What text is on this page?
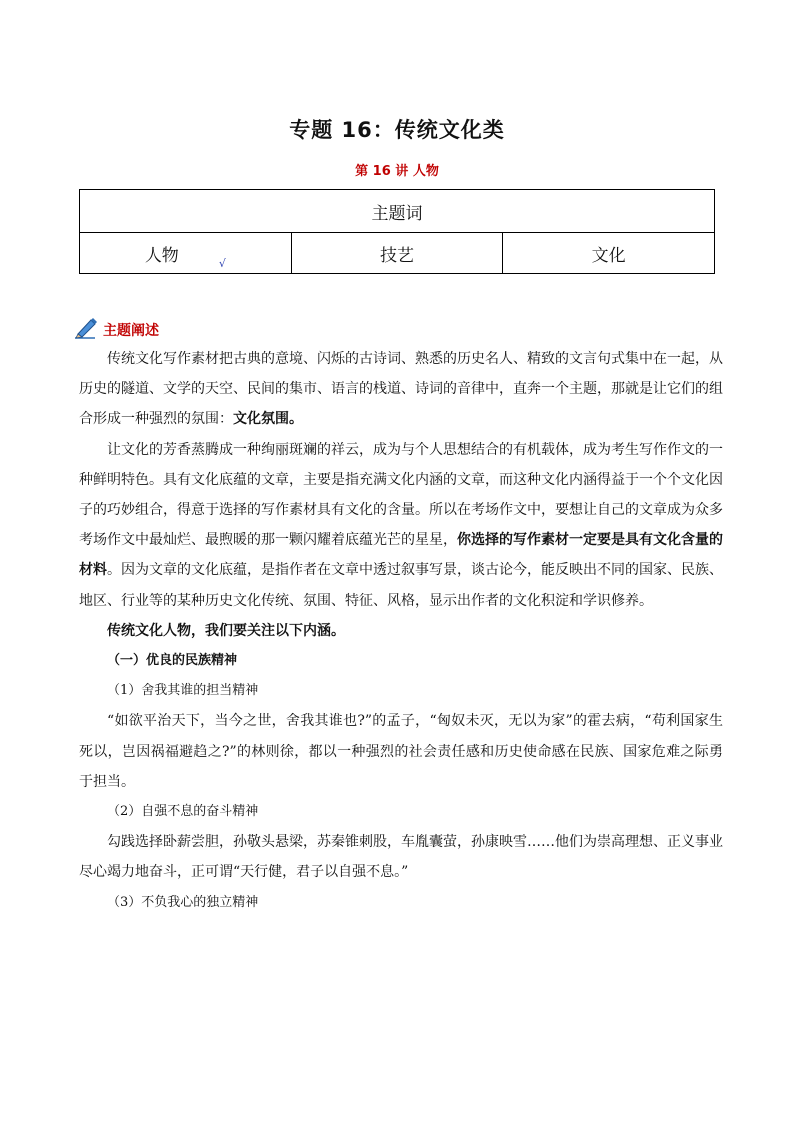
专题 16：传统文化类
第 16 讲 人物
主题词
人物	$_√$	技艺	文化
主题阐述

传统文化写作素材把古典的意境、闪烁的古诗词、熟悉的历史名人、精致的文言句式集中在一起，从历史的隧道、文学的天空、民间的集市、语言的栈道、诗词的音律中，直奔一个主题，那就是让它们的组合形成一种强烈的氛围：文化氛围。

让文化的芳香蒸腾成一种绚丽斑斓的祥云，成为与个人思想结合的有机载体，成为考生写作作文的一种鲜明特色。具有文化底蕴的文章，主要是指充满文化内涵的文章，而这种文化内涵得益于一个个文化因子的巧妙组合，得意于选择的写作素材具有文化的含量。所以在考场作文中，要想让自己的文章成为众多考场作文中最灿烂、最煦暖的那一颗闪耀着底蕴光芒的星星，你选择的写作素材一定要是具有文化含量的材料。因为文章的文化底蕴，是指作者在文章中透过叙事写景，谈古论今，能反映出不同的国家、民族、地区、行业等的某种历史文化传统、氛围、特征、风格，显示出作者的文化积淀和学识修养。

传统文化人物，我们要关注以下内涵。

（一）优良的民族精神

（1）舍我其谁的担当精神

“如欲平治天下，当今之世，舍我其谁也?”的孟子，“匈奴未灭，无以为家”的霍去病，“苟利国家生死以，岂因祸福避趋之?”的林则徐，都以一种强烈的社会责任感和历史使命感在民族、国家危难之际勇于担当。

（2）自强不息的奋斗精神

勾践选择卧薪尝胆，孙敬头悬梁，苏秦锥刺股，车胤囊萤，孙康映雪……他们为崇高理想、正义事业尽心竭力地奋斗，正可谓“天行健，君子以自强不息。”

（3）不负我心的独立精神
